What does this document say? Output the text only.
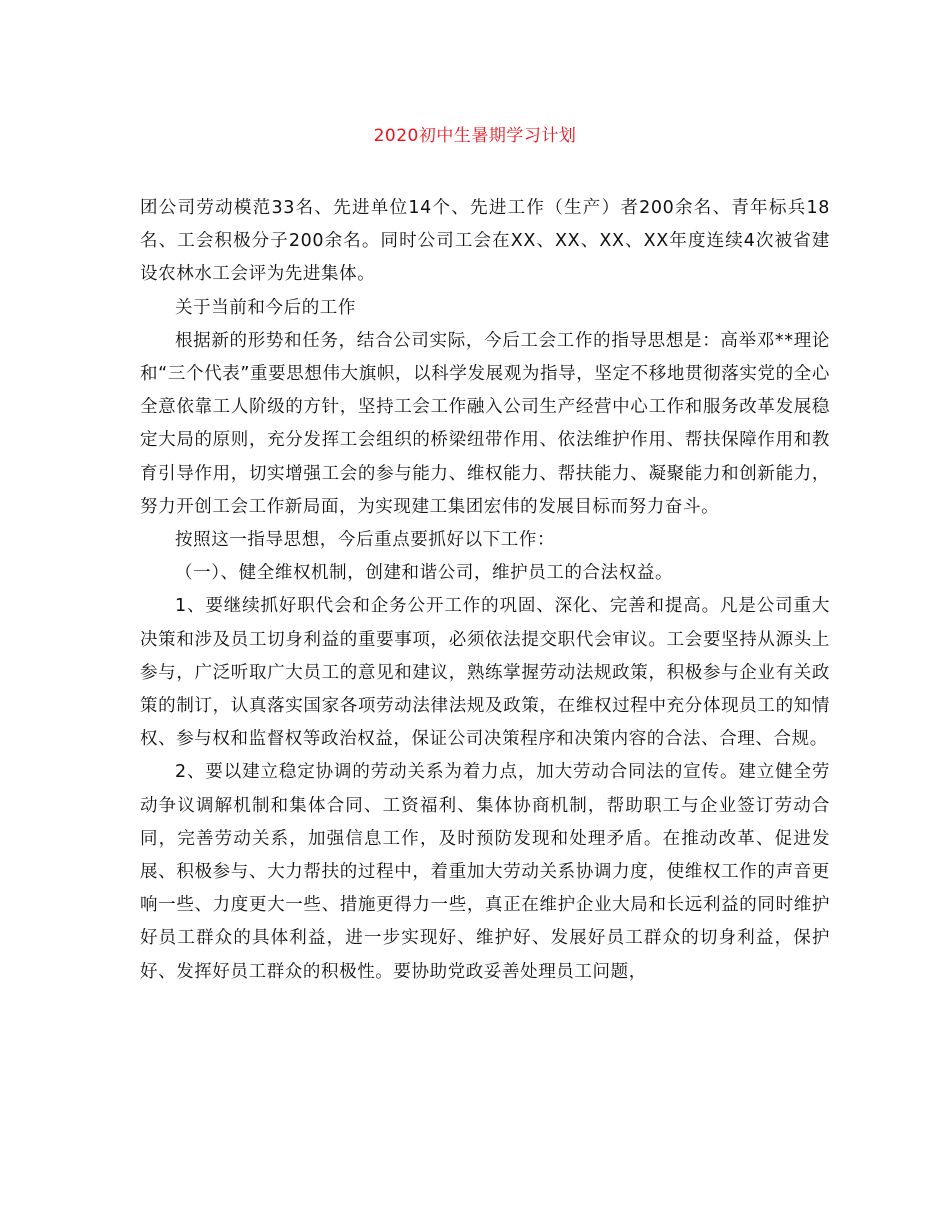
2020初中生暑期学习计划

团公司劳动模范33名、先进单位14个、先进工作（生产）者200余名、青年标兵18名、工会积极分子200余名。同时公司工会在XX、XX、XX、XX年度连续4次被省建设农林水工会评为先进集体。

关于当前和今后的工作

根据新的形势和任务，结合公司实际，今后工会工作的指导思想是：高举邓**理论和“三个代表”重要思想伟大旗帜，以科学发展观为指导，坚定不移地贯彻落实党的全心全意依靠工人阶级的方针，坚持工会工作融入公司生产经营中心工作和服务改革发展稳定大局的原则，充分发挥工会组织的桥梁纽带作用、依法维护作用、帮扶保障作用和教育引导作用，切实增强工会的参与能力、维权能力、帮扶能力、凝聚能力和创新能力，努力开创工会工作新局面，为实现建工集团宏伟的发展目标而努力奋斗。

按照这一指导思想，今后重点要抓好以下工作：

（一）、健全维权机制，创建和谐公司，维护员工的合法权益。

1、要继续抓好职代会和企务公开工作的巩固、深化、完善和提高。凡是公司重大决策和涉及员工切身利益的重要事项，必须依法提交职代会审议。工会要坚持从源头上参与，广泛听取广大员工的意见和建议，熟练掌握劳动法规政策，积极参与企业有关政策的制订，认真落实国家各项劳动法律法规及政策，在维权过程中充分体现员工的知情权、参与权和监督权等政治权益，保证公司决策程序和决策内容的合法、合理、合规。

2、要以建立稳定协调的劳动关系为着力点，加大劳动合同法的宣传。建立健全劳动争议调解机制和集体合同、工资福利、集体协商机制，帮助职工与企业签订劳动合同，完善劳动关系，加强信息工作，及时预防发现和处理矛盾。在推动改革、促进发展、积极参与、大力帮扶的过程中，着重加大劳动关系协调力度，使维权工作的声音更响一些、力度更大一些、措施更得力一些，真正在维护企业大局和长远利益的同时维护好员工群众的具体利益，进一步实现好、维护好、发展好员工群众的切身利益，保护好、发挥好员工群众的积极性。要协助党政妥善处理员工问题，
